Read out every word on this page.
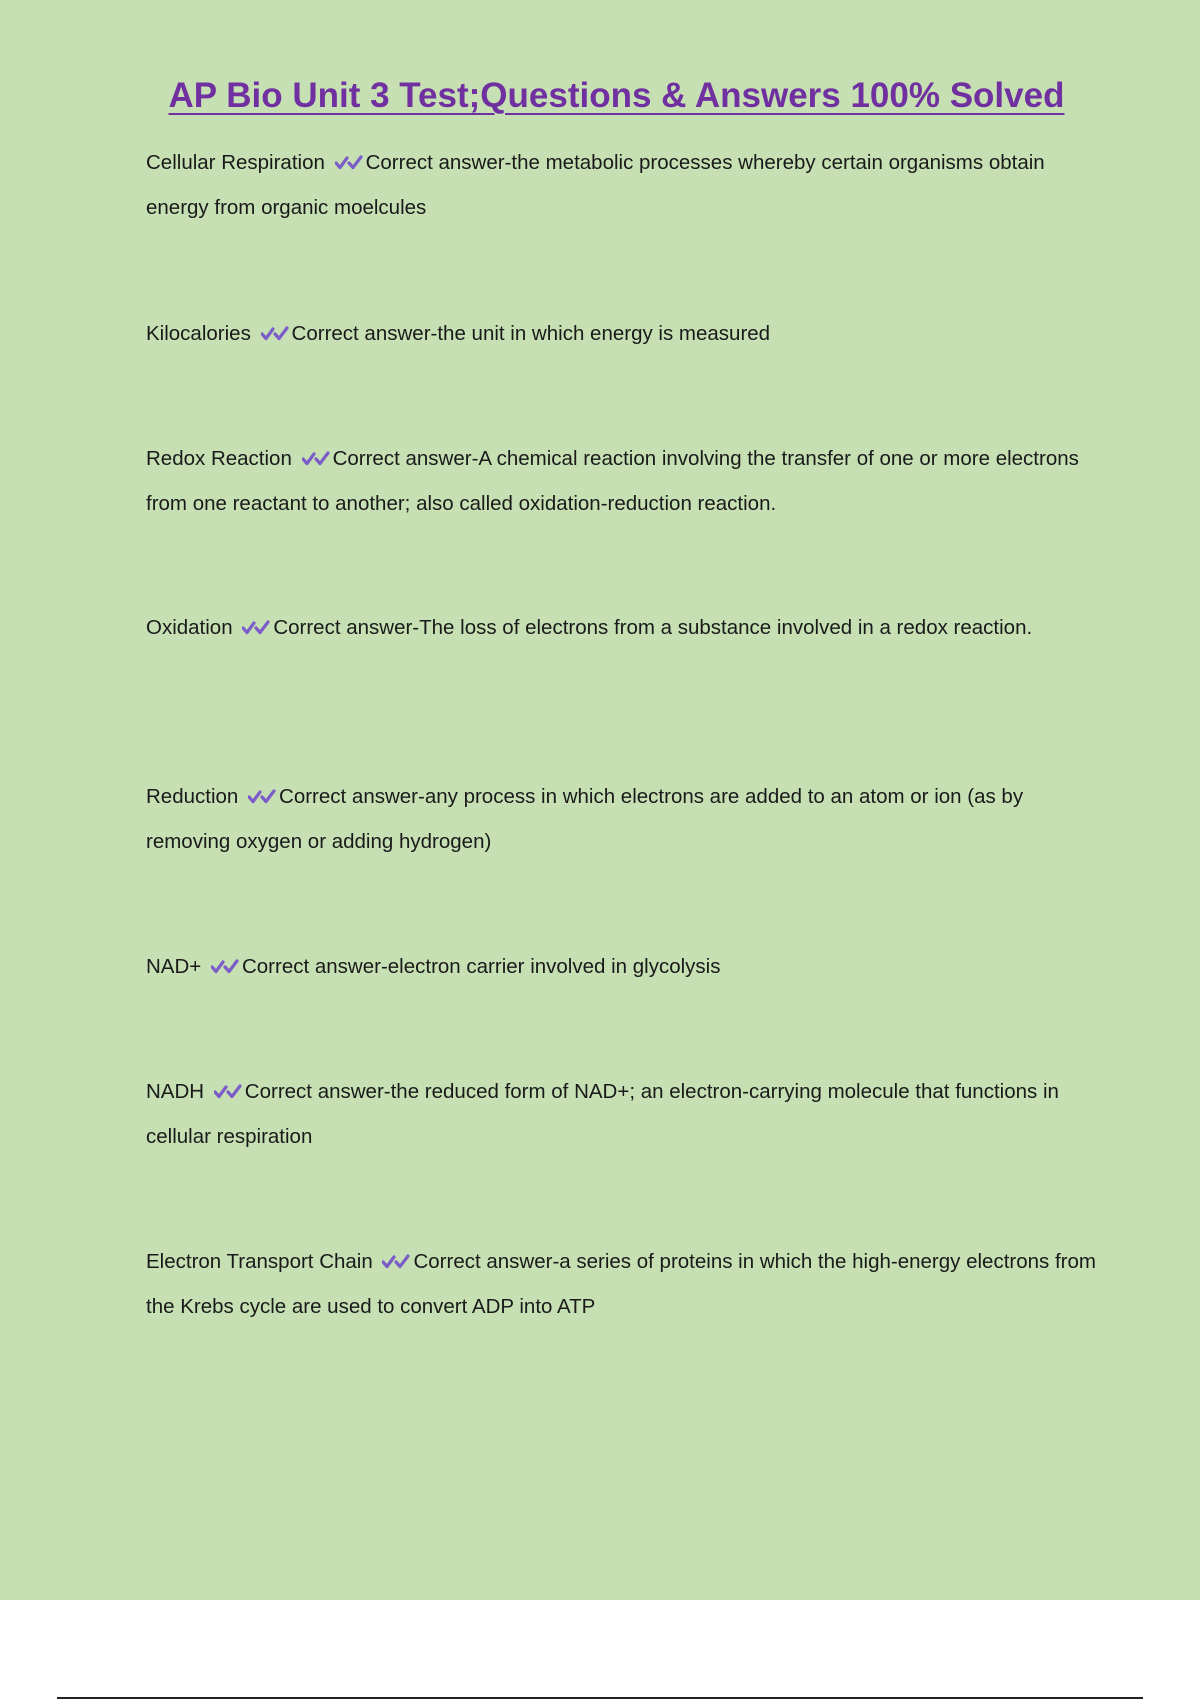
AP Bio Unit 3 Test;Questions & Answers 100% Solved

Cellular Respiration Correct answer-the metabolic processes whereby certain organisms obtain energy from organic moelcules

Kilocalories Correct answer-the unit in which energy is measured

Redox Reaction Correct answer-A chemical reaction involving the transfer of one or more electrons from one reactant to another; also called oxidation-reduction reaction.

Oxidation Correct answer-The loss of electrons from a substance involved in a redox reaction.

Reduction Correct answer-any process in which electrons are added to an atom or ion (as by removing oxygen or adding hydrogen)

NAD+ Correct answer-electron carrier involved in glycolysis

NADH Correct answer-the reduced form of NAD+; an electron-carrying molecule that functions in cellular respiration

Electron Transport Chain Correct answer-a series of proteins in which the high-energy electrons from the Krebs cycle are used to convert ADP into ATP
